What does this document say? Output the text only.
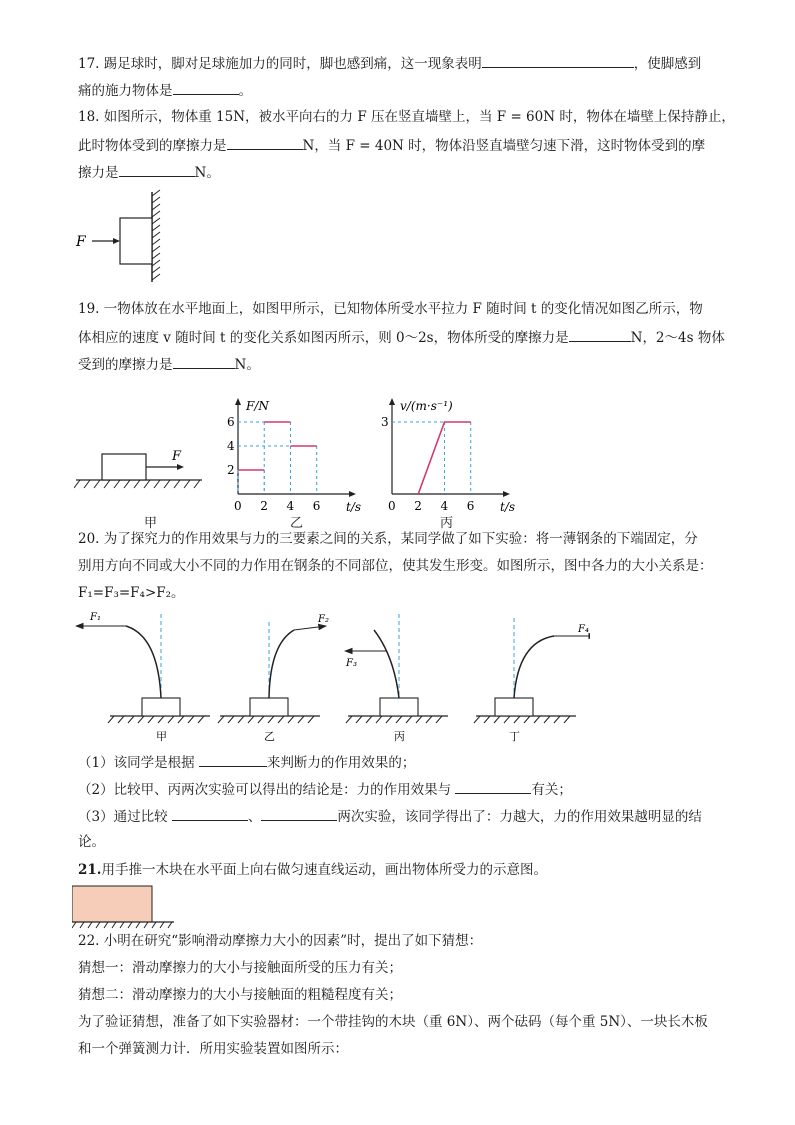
17. 踢足球时，脚对足球施加力的同时，脚也感到痛，这一现象表明	，使脚感到
痛的施力物体是	。
18. 如图所示，物体重 15N，被水平向右的力 F 压在竖直墙壁上，当 F = 60N 时，物体在墙壁上保持静止，
此时物体受到的摩擦力是	N，当 F = 40N 时，物体沿竖直墙壁匀速下滑，这时物体受到的摩
擦力是	N。
F
19. 一物体放在水平地面上，如图甲所示，已知物体所受水平拉力 F 随时间 t 的变化情况如图乙所示，物
体相应的速度 v 随时间 t 的变化关系如图丙所示，则 0～2s，物体所受的摩擦力是	N，2～4s 物体
受到的摩擦力是	N。
F
甲
F/N
t/s
0 2 4 6
2
4
6
乙
v/(m·s⁻¹)
t/s
0 2 4 6
3
丙
20. 为了探究力的作用效果与力的三要素之间的关系，某同学做了如下实验：将一薄钢条的下端固定，分
别用方向不同或大小不同的力作用在钢条的不同部位，使其发生形变。如图所示，图中各力的大小关系是：
F₁=F₃=F₄>F₂。
F₁	F₂
F₃
F₄
甲	乙	丙	丁
（1）该同学是根据	来判断力的作用效果的；
（2）比较甲、丙两次实验可以得出的结论是：力的作用效果与	有关；
（3）通过比较	、	两次实验，该同学得出了：力越大，力的作用效果越明显的结
论。
21.用手推一木块在水平面上向右做匀速直线运动，画出物体所受力的示意图。
22. 小明在研究“影响滑动摩擦力大小的因素”时，提出了如下猜想：
猜想一：滑动摩擦力的大小与接触面所受的压力有关；
猜想二：滑动摩擦力的大小与接触面的粗糙程度有关；
为了验证猜想，准备了如下实验器材：一个带挂钩的木块（重 6N）、两个砝码（每个重 5N）、一块长木板
和一个弹簧测力计．所用实验装置如图所示：
